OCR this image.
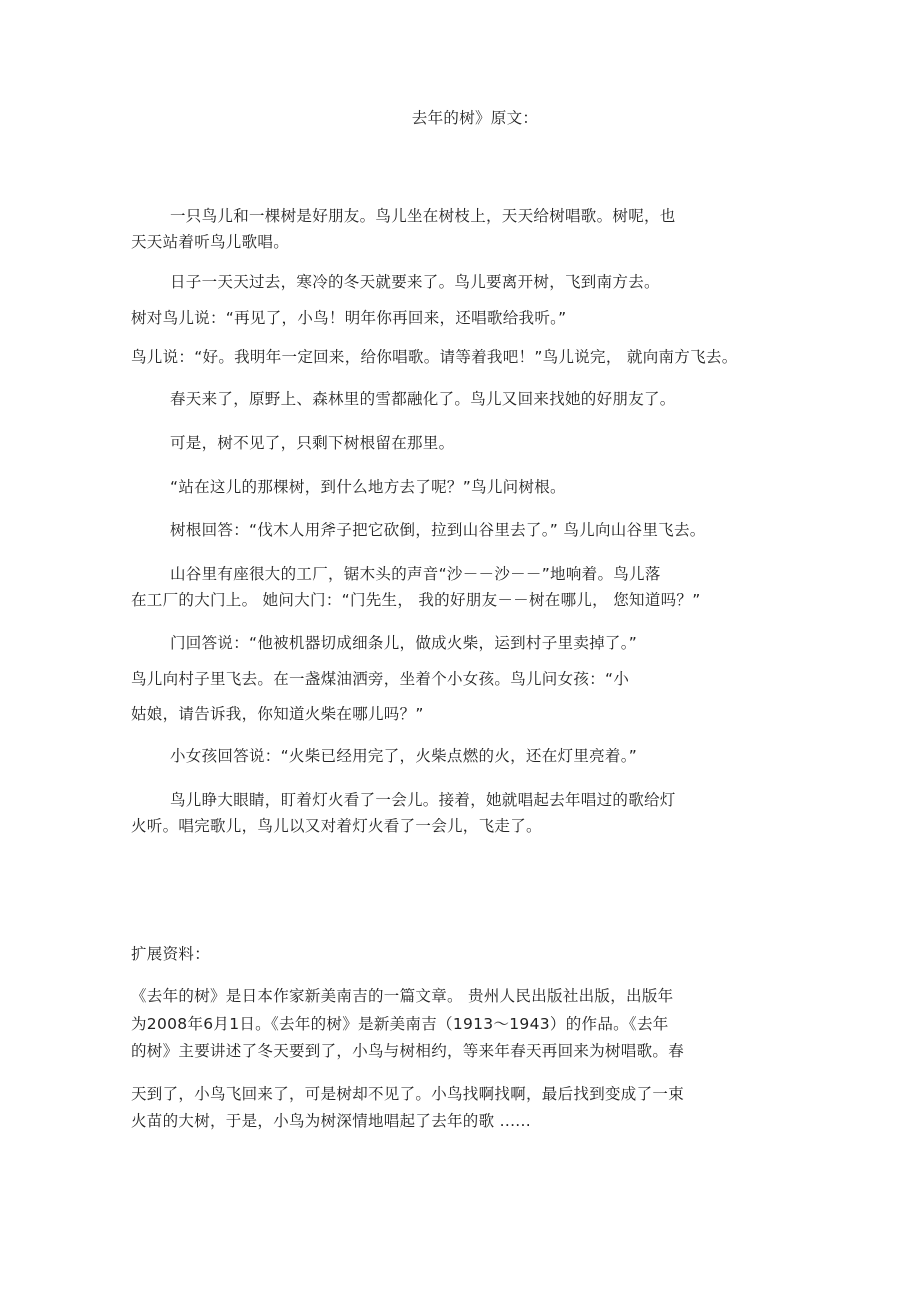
去年的树》原文：
一只鸟儿和一棵树是好朋友。鸟儿坐在树枝上，天天给树唱歌。树呢，也
天天站着听鸟儿歌唱。
日子一天天过去，寒冷的冬天就要来了。鸟儿要离开树，飞到南方去。
树对鸟儿说：“再见了，小鸟！明年你再回来，还唱歌给我听。”
鸟儿说：“好。我明年一定回来，给你唱歌。请等着我吧！”鸟儿说完， 就向南方飞去。
春天来了，原野上、森林里的雪都融化了。鸟儿又回来找她的好朋友了。
可是，树不见了，只剩下树根留在那里。
“站在这儿的那棵树，到什么地方去了呢？”鸟儿问树根。
树根回答：“伐木人用斧子把它砍倒，拉到山谷里去了。” 鸟儿向山谷里飞去。
山谷里有座很大的工厂，锯木头的声音“沙－－沙－－”地响着。鸟儿落
在工厂的大门上。 她问大门：“门先生， 我的好朋友－－树在哪儿， 您知道吗？”
门回答说：“他被机器切成细条儿，做成火柴，运到村子里卖掉了。”
鸟儿向村子里飞去。在一盏煤油洒旁，坐着个小女孩。鸟儿问女孩：“小
姑娘，请告诉我，你知道火柴在哪儿吗？”
小女孩回答说：“火柴已经用完了，火柴点燃的火，还在灯里亮着。”
鸟儿睁大眼睛，盯着灯火看了一会儿。接着，她就唱起去年唱过的歌给灯
火听。唱完歌儿，鸟儿以又对着灯火看了一会儿，飞走了。
扩展资料：
《去年的树》是日本作家新美南吉的一篇文章。 贵州人民出版社出版，出版年
为2008年6月1日。《去年的树》是新美南吉（1913～1943）的作品。《去年
的树》主要讲述了冬天要到了，小鸟与树相约，等来年春天再回来为树唱歌。春
天到了，小鸟飞回来了，可是树却不见了。小鸟找啊找啊，最后找到变成了一束
火苗的大树，于是，小鸟为树深情地唱起了去年的歌 ......
